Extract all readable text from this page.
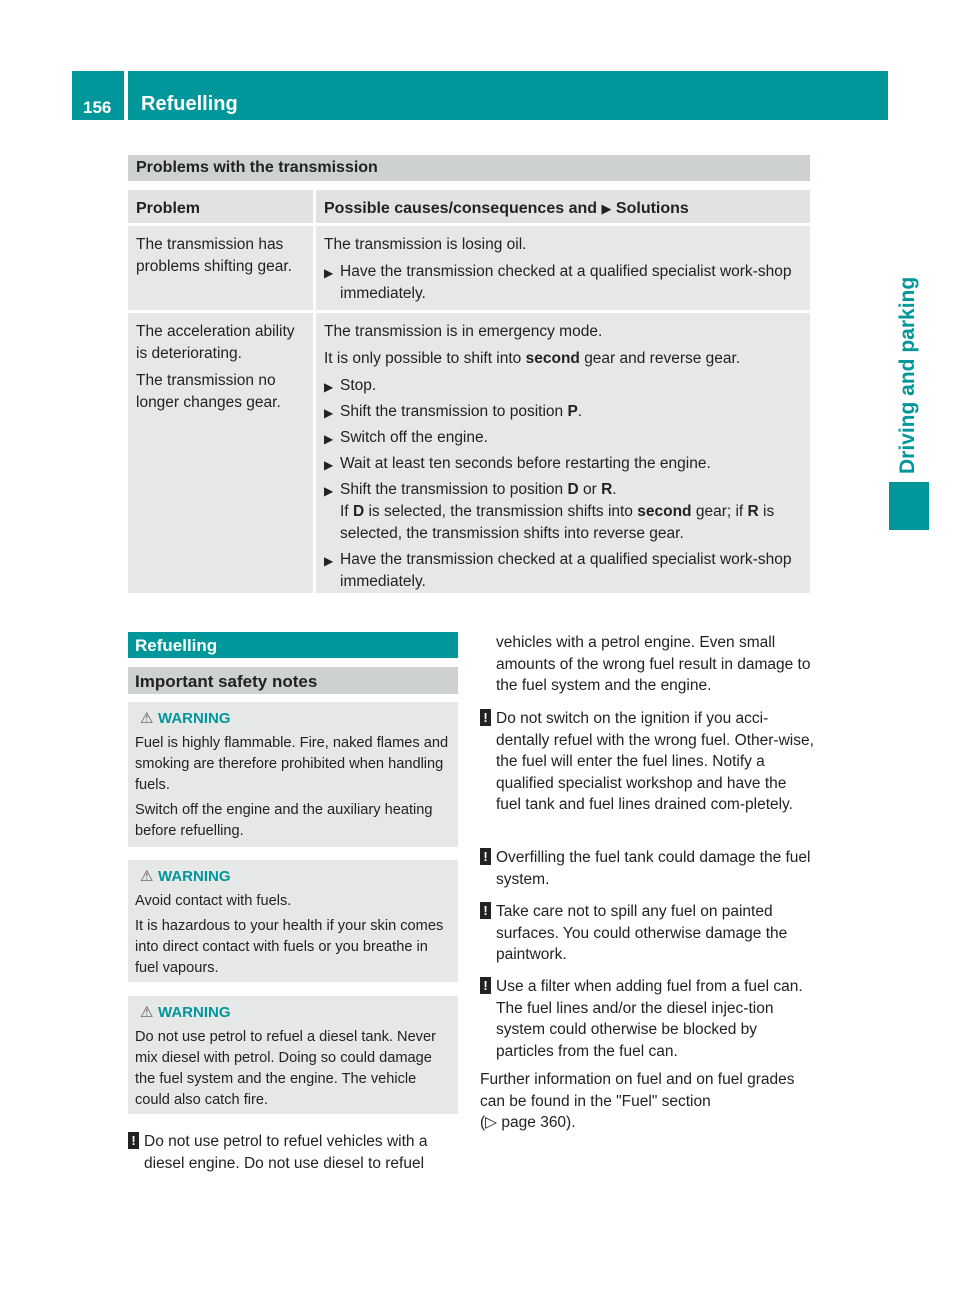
156	Refuelling
Driving and parking
Problems with the transmission
Problem	Possible causes/consequences and ▶ Solutions

The transmission has problems shifting gear.

The transmission is losing oil.

▶ Have the transmission checked at a qualified specialist work-shop immediately.

The acceleration ability is deteriorating.

The transmission no longer changes gear.

The transmission is in emergency mode.

It is only possible to shift into second gear and reverse gear.

▶ Stop.
▶ Shift the transmission to position P.
▶ Switch off the engine.
▶ Wait at least ten seconds before restarting the engine.
▶ Shift the transmission to position D or R.
If D is selected, the transmission shifts into second gear; if R is selected, the transmission shifts into reverse gear.
▶ Have the transmission checked at a qualified specialist work-shop immediately.
Refuelling
Important safety notes
⚠ WARNING

Fuel is highly flammable. Fire, naked flames and smoking are therefore prohibited when handling fuels.

Switch off the engine and the auxiliary heating before refuelling.

⚠ WARNING

Avoid contact with fuels.

It is hazardous to your health if your skin comes into direct contact with fuels or you breathe in fuel vapours.

⚠ WARNING

Do not use petrol to refuel a diesel tank. Never mix diesel with petrol. Doing so could damage the fuel system and the engine. The vehicle could also catch fire.

! Do not use petrol to refuel vehicles with a diesel engine. Do not use diesel to refuel
vehicles with a petrol engine. Even small amounts of the wrong fuel result in damage to the fuel system and the engine.
! Do not switch on the ignition if you acci-dentally refuel with the wrong fuel. Other-wise, the fuel will enter the fuel lines. Notify a qualified specialist workshop and have the fuel tank and fuel lines drained com-pletely.
! Overfilling the fuel tank could damage the fuel system.
! Take care not to spill any fuel on painted surfaces. You could otherwise damage the paintwork.
! Use a filter when adding fuel from a fuel can. The fuel lines and/or the diesel injec-tion system could otherwise be blocked by particles from the fuel can.
Further information on fuel and on fuel grades can be found in the "Fuel" section
(▷ page 360).
